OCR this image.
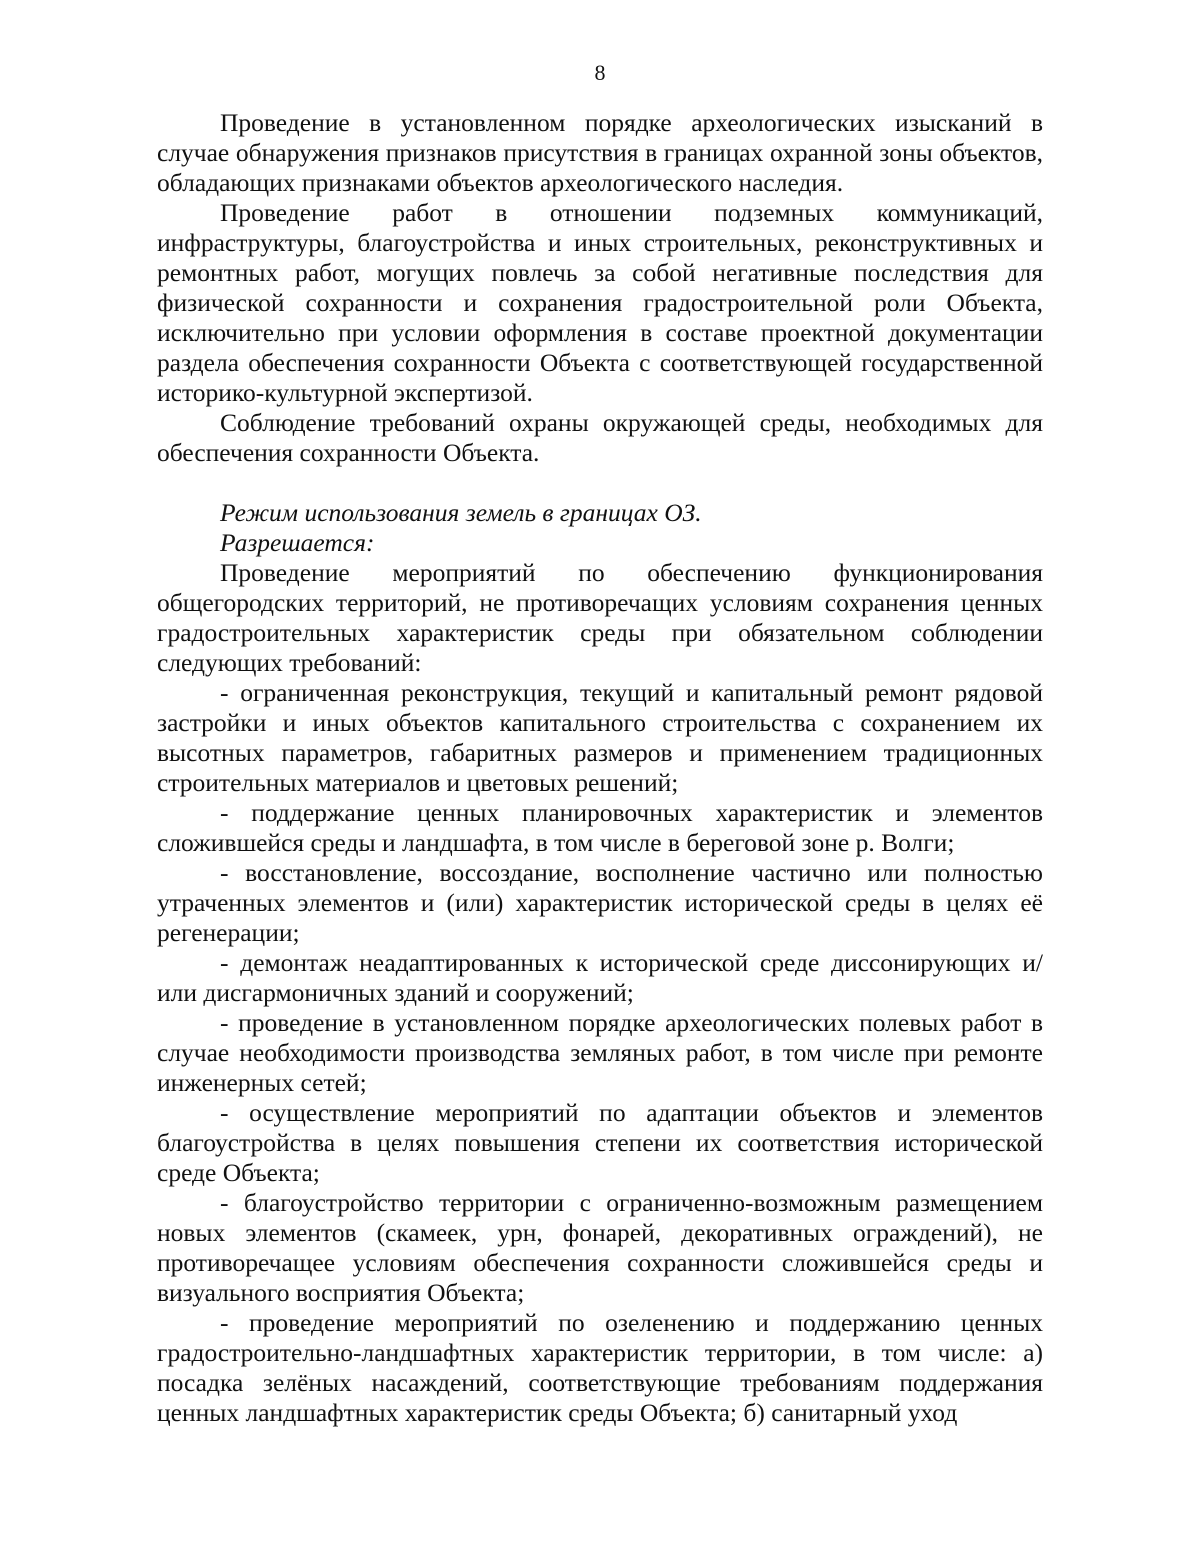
8

Проведение в установленном порядке археологических изысканий в случае обнаружения признаков присутствия в границах охранной зоны объектов, обладающих признаками объектов археологического наследия.

Проведение работ в отношении подземных коммуникаций, инфраструктуры, благоустройства и иных строительных, реконструктивных и ремонтных работ, могущих повлечь за собой негативные последствия для физической сохранности и сохранения градостроительной роли Объекта, исключительно при условии оформления в составе проектной документации раздела обеспечения сохранности Объекта с соответствующей государственной историко-культурной экспертизой.

Соблюдение требований охраны окружающей среды, необходимых для обеспечения сохранности Объекта.

Режим использования земель в границах ОЗ.

Разрешается:

Проведение мероприятий по обеспечению функционирования общегородских территорий, не противоречащих условиям сохранения ценных градостроительных характеристик среды при обязательном соблюдении следующих требований:

- ограниченная реконструкция, текущий и капитальный ремонт рядовой застройки и иных объектов капитального строительства с сохранением их высотных параметров, габаритных размеров и применением традиционных строительных материалов и цветовых решений;

- поддержание ценных планировочных характеристик и элементов сложившейся среды и ландшафта, в том числе в береговой зоне р. Волги;

- восстановление, воссоздание, восполнение частично или полностью утраченных элементов и (или) характеристик исторической среды в целях её регенерации;

- демонтаж неадаптированных к исторической среде диссонирующих и/или дисгармоничных зданий и сооружений;

- проведение в установленном порядке археологических полевых работ в случае необходимости производства земляных работ, в том числе при ремонте инженерных сетей;

- осуществление мероприятий по адаптации объектов и элементов благоустройства в целях повышения степени их соответствия исторической среде Объекта;

- благоустройство территории с ограниченно-возможным размещением новых элементов (скамеек, урн, фонарей, декоративных ограждений), не противоречащее условиям обеспечения сохранности сложившейся среды и визуального восприятия Объекта;

- проведение мероприятий по озеленению и поддержанию ценных градостроительно-ландшафтных характеристик территории, в том числе: а) посадка зелёных насаждений, соответствующие требованиям поддержания ценных ландшафтных характеристик среды Объекта; б) санитарный уход
